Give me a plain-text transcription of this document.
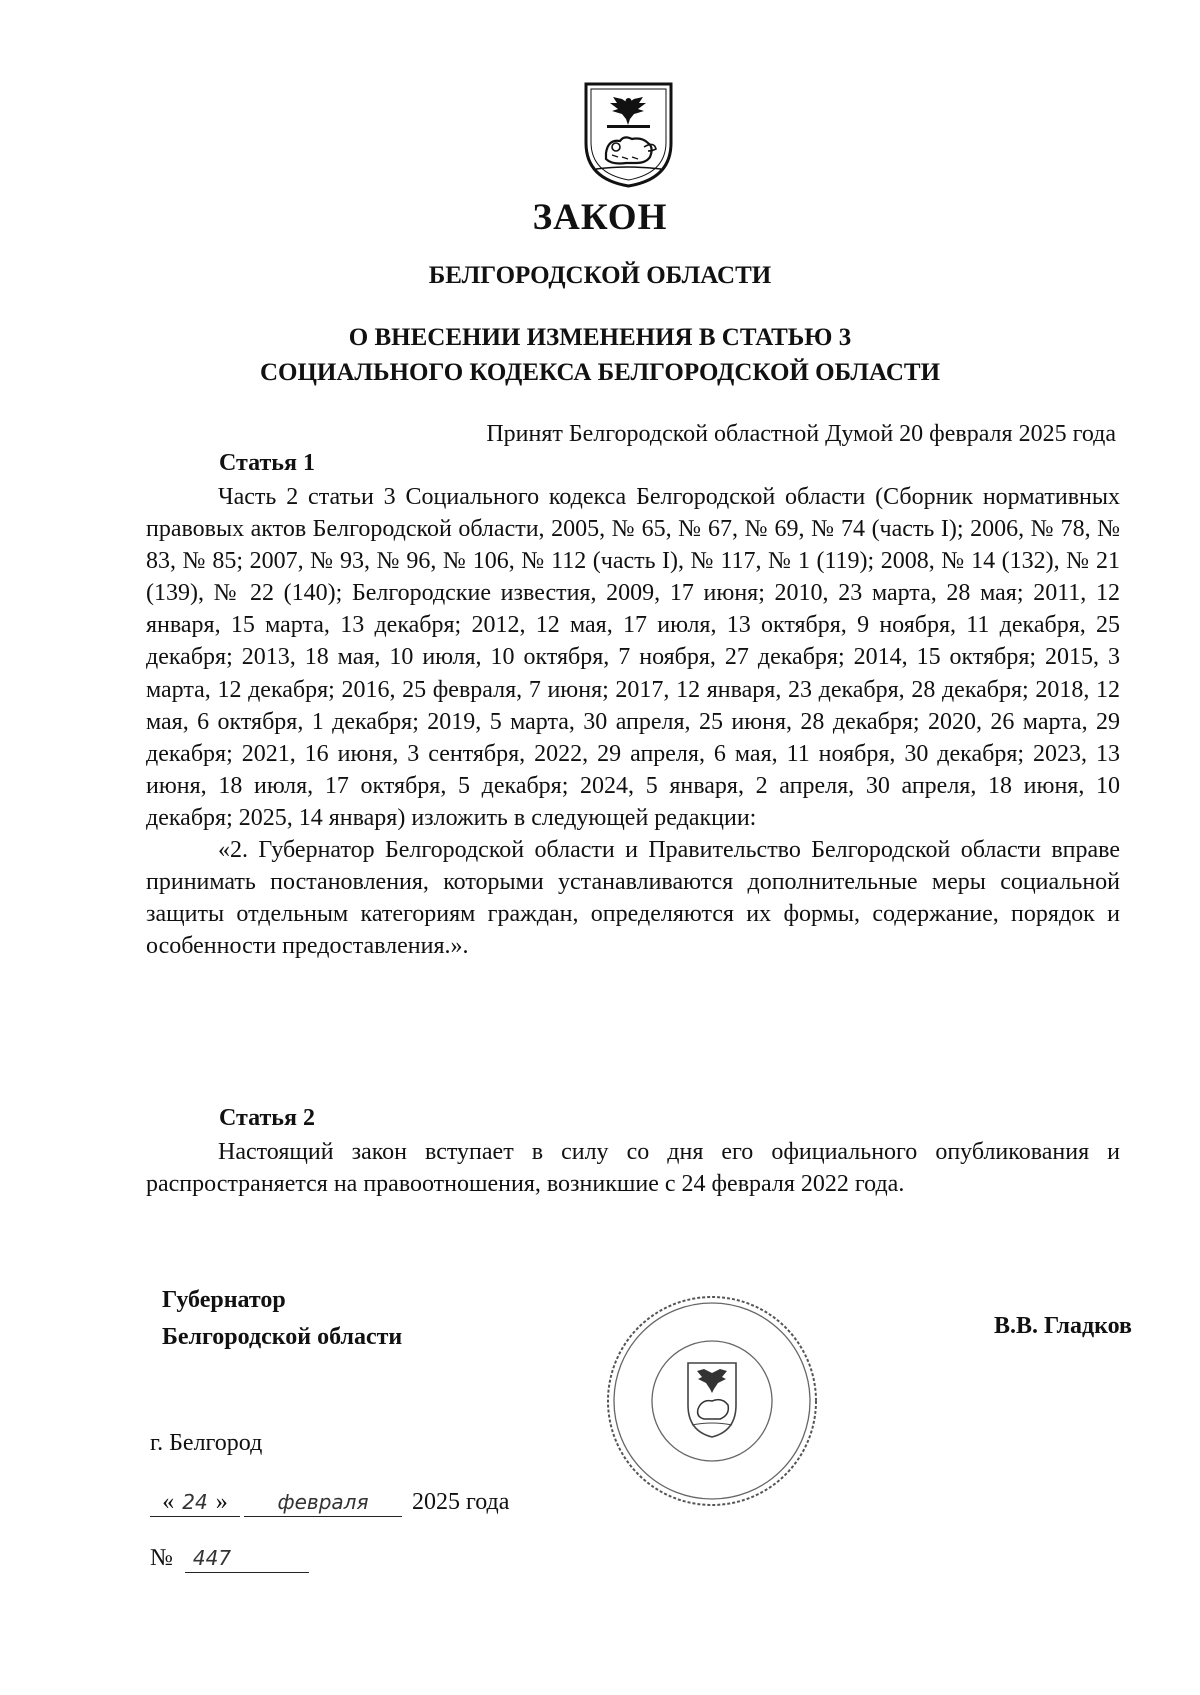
ЗАКОН
БЕЛГОРОДСКОЙ ОБЛАСТИ
О ВНЕСЕНИИ ИЗМЕНЕНИЯ В СТАТЬЮ 3
СОЦИАЛЬНОГО КОДЕКСА БЕЛГОРОДСКОЙ ОБЛАСТИ
Принят Белгородской областной Думой 20 февраля 2025 года
Статья 1

Часть 2 статьи 3 Социального кодекса Белгородской области (Сборник нормативных правовых актов Белгородской области, 2005, № 65, № 67, № 69, № 74 (часть I); 2006, № 78, № 83, № 85; 2007, № 93, № 96, № 106, № 112 (часть I), № 117, № 1 (119); 2008, № 14 (132), № 21 (139), № 22 (140); Белгородские известия, 2009, 17 июня; 2010, 23 марта, 28 мая; 2011, 12 января, 15 марта, 13 декабря; 2012, 12 мая, 17 июля, 13 октября, 9 ноября, 11 декабря, 25 декабря; 2013, 18 мая, 10 июля, 10 октября, 7 ноября, 27 декабря; 2014, 15 октября; 2015, 3 марта, 12 декабря; 2016, 25 февраля, 7 июня; 2017, 12 января, 23 декабря, 28 декабря; 2018, 12 мая, 6 октября, 1 декабря; 2019, 5 марта, 30 апреля, 25 июня, 28 декабря; 2020, 26 марта, 29 декабря; 2021, 16 июня, 3 сентября, 2022, 29 апреля, 6 мая, 11 ноября, 30 декабря; 2023, 13 июня, 18 июля, 17 октября, 5 декабря; 2024, 5 января, 2 апреля, 30 апреля, 18 июня, 10 декабря; 2025, 14 января) изложить в следующей редакции:

«2. Губернатор Белгородской области и Правительство Белгородской области вправе принимать постановления, которыми устанавливаются дополнительные меры социальной защиты отдельным категориям граждан, определяются их формы, содержание, порядок и особенности предоставления.».

Статья 2

Настоящий закон вступает в силу со дня его официального опубликования и распространяется на правоотношения, возникшие с 24 февраля 2022 года.

Губернатор
Белгородской области	В.В. Гладков
г. Белгород
« 24 » февраля 2025 года
№ 447
